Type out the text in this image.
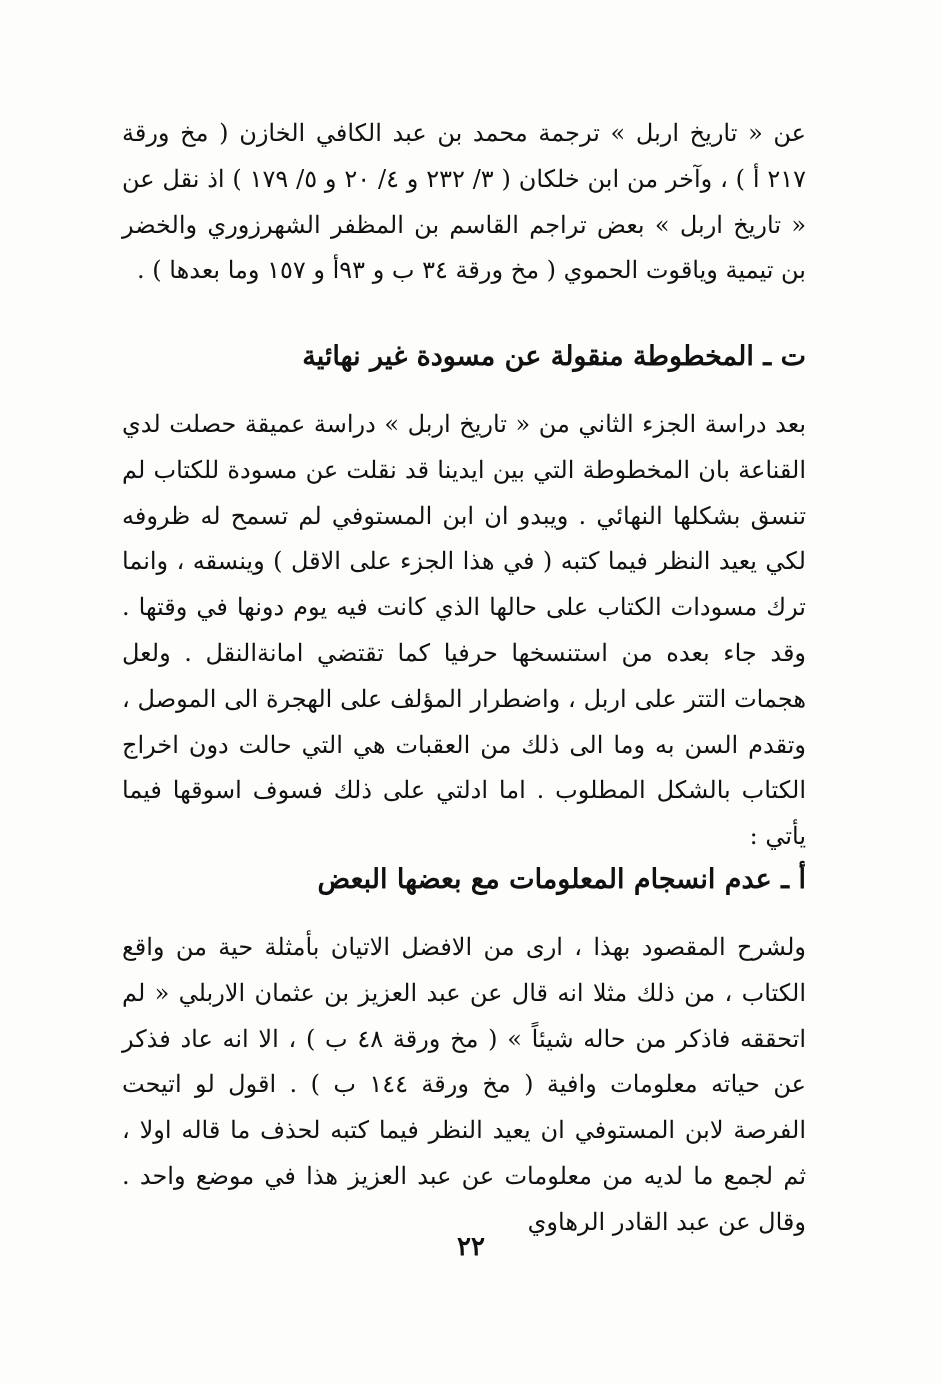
عن « تاريخ اربل » ترجمة محمد بن عبد الكافي الخازن ( مخ ورقة ٢١٧ أ ) ، وآخر من ابن خلكان ( ٣/ ٢٣٢ و ٤/ ٢٠ و ٥/ ١٧٩ ) اذ نقل عن « تاريخ اربل » بعض تراجم القاسم بن المظفر الشهرزوري والخضر بن تيمية وياقوت الحموي ( مخ ورقة ٣٤ ب و ٩٣أ و ١٥٧ وما بعدها ) .

ت ـ المخطوطة منقولة عن مسودة غير نهائية

بعد دراسة الجزء الثاني من « تاريخ اربل » دراسة عميقة حصلت لدي القناعة بان المخطوطة التي بين ايدينا قد نقلت عن مسودة للكتاب لم تنسق بشكلها النهائي . ويبدو ان ابن المستوفي لم تسمح له ظروفه لكي يعيد النظر فيما كتبه ( في هذا الجزء على الاقل ) وينسقه ، وانما ترك مسودات الكتاب على حالها الذي كانت فيه يوم دونها في وقتها . وقد جاء بعده من استنسخها حرفيا كما تقتضي امانةالنقل . ولعل هجمات التتر على اربل ، واضطرار المؤلف على الهجرة الى الموصل ، وتقدم السن به وما الى ذلك من العقبات هي التي حالت دون اخراج الكتاب بالشكل المطلوب . اما ادلتي على ذلك فسوف اسوقها فيما يأتي :

أ ـ عدم انسجام المعلومات مع بعضها البعض

ولشرح المقصود بهذا ، ارى من الافضل الاتيان بأمثلة حية من واقع الكتاب ، من ذلك مثلا انه قال عن عبد العزيز بن عثمان الاربلي « لم اتحققه فاذكر من حاله شيئاً » ( مخ ورقة ٤٨ ب ) ، الا انه عاد فذكر عن حياته معلومات وافية ( مخ ورقة ١٤٤ ب ) . اقول لو اتيحت الفرصة لابن المستوفي ان يعيد النظر فيما كتبه لحذف ما قاله اولا ، ثم لجمع ما لديه من معلومات عن عبد العزيز هذا في موضع واحد . وقال عن عبد القادر الرهاوي

٢٢
